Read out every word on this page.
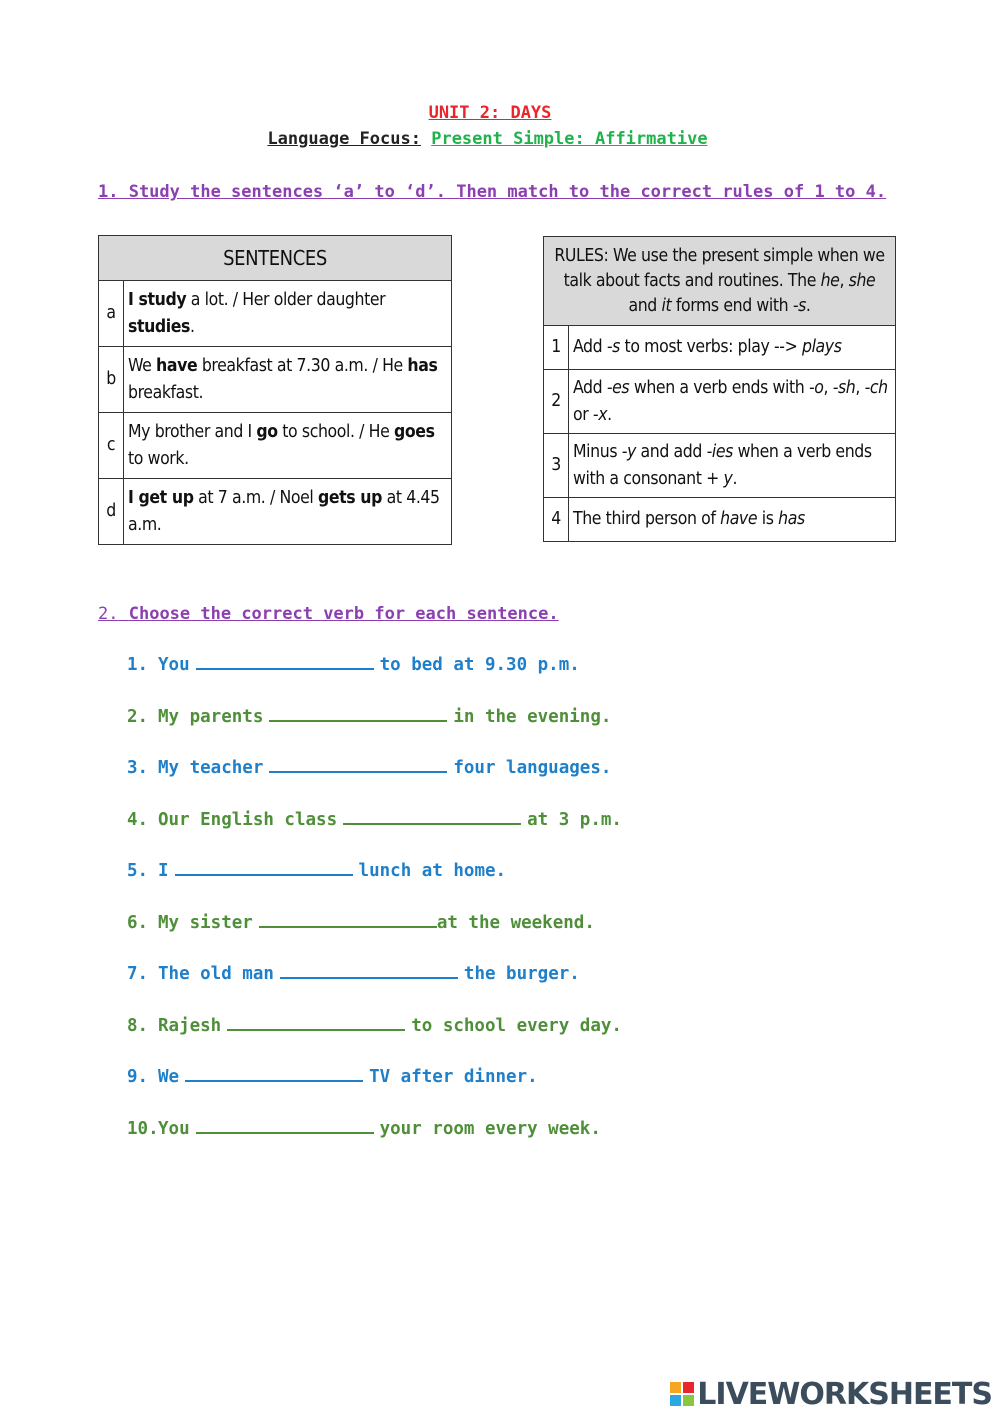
UNIT 2: DAYS
Language Focus: Present Simple: Affirmative
1. Study the sentences ‘a’ to ‘d’. Then match to the correct rules of 1 to 4.
SENTENCES	
a	I study a lot. / Her older daughter studies.
b	We have breakfast at 7.30 a.m. / He has breakfast.
c	My brother and I go to school. / He goes to work.
d	I get up at 7 a.m. / Noel gets up at 4.45 a.m.
RULES: We use the present simple when we talk about facts and routines. The he, she and it forms end with -s.	
1	Add -s to most verbs: play --> plays
2	Add -es when a verb ends with -o, -sh, -ch or -x.
3	Minus -y and add -ies when a verb ends with a consonant + y.
4	The third person of have is has
2. Choose the correct verb for each sentence.
1. You	to bed at 9.30 p.m.
2. My parents	in the evening.
3. My teacher	four languages.
4. Our English class	at 3 p.m.
5. I	lunch at home.
6. My sister	at the weekend.
7. The old man	the burger.
8. Rajesh	to school every day.
9. We	TV after dinner.
10.You	your room every week.
LIVEWORKSHEETS
